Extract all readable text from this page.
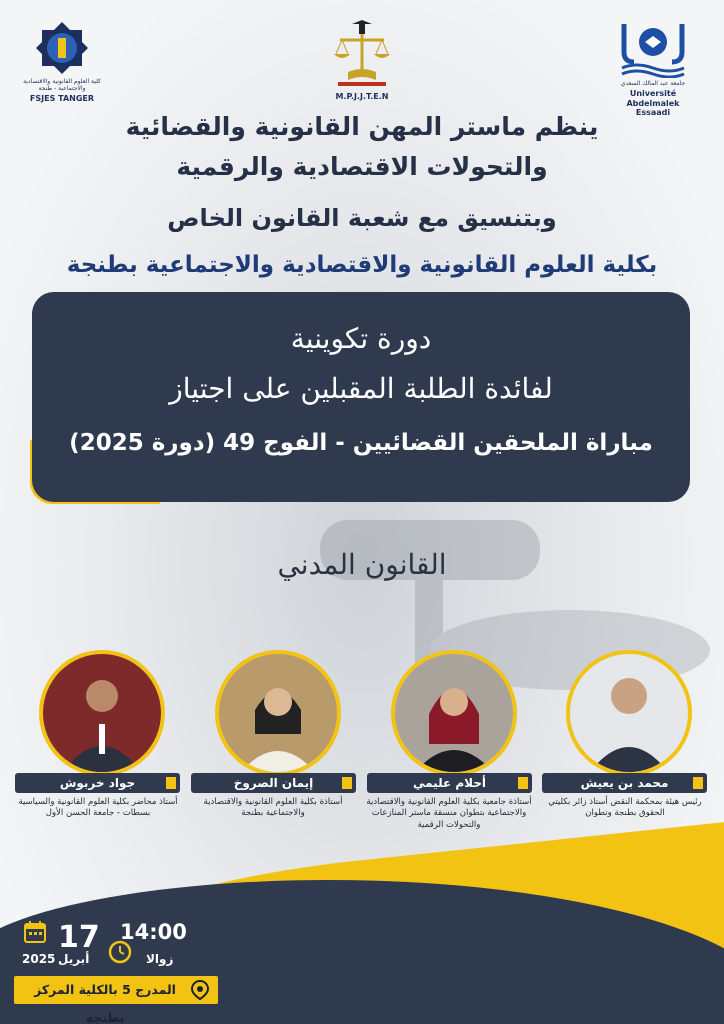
كلية العلوم القانونية والاقتصادية والاجتماعية - طنجة
FSJES TANGER	M.P.J.J.T.E.N
جامعة عبد المالك السعدي
Université Abdelmalek Essaadi
ينظم ماستر المهن القانونية والقضائية
والتحولات الاقتصادية والرقمية
وبتنسيق مع شعبة القانون الخاص
بكلية العلوم القانونية والاقتصادية والاجتماعية بطنجة
دورة تكوينية
لفائدة الطلبة المقبلين على اجتياز
مباراة الملحقين القضائيين - الفوج 49 (دورة 2025)
القانون المدني
محمد بن يعيش
أحلام عليمي
إيمان الصروخ
جواد خربوش
رئيس هيئة بمحكمة النقض أستاذ زائر بكليتي الحقوق بطنجة وتطوان
أستاذة جامعية بكلية العلوم القانونية والاقتصادية والاجتماعية بتطوان منسقة ماستر المنازعات والتحولات الرقمية
أستاذة بكلية العلوم القانونية والاقتصادية والاجتماعية بطنجة
أستاذ محاضر بكلية العلوم القانونية والسياسية بسطات - جامعة الحسن الأول
17
أبريل
2025
14:00
زوالا
المدرج 5 بالكلية المركز بطنجة
